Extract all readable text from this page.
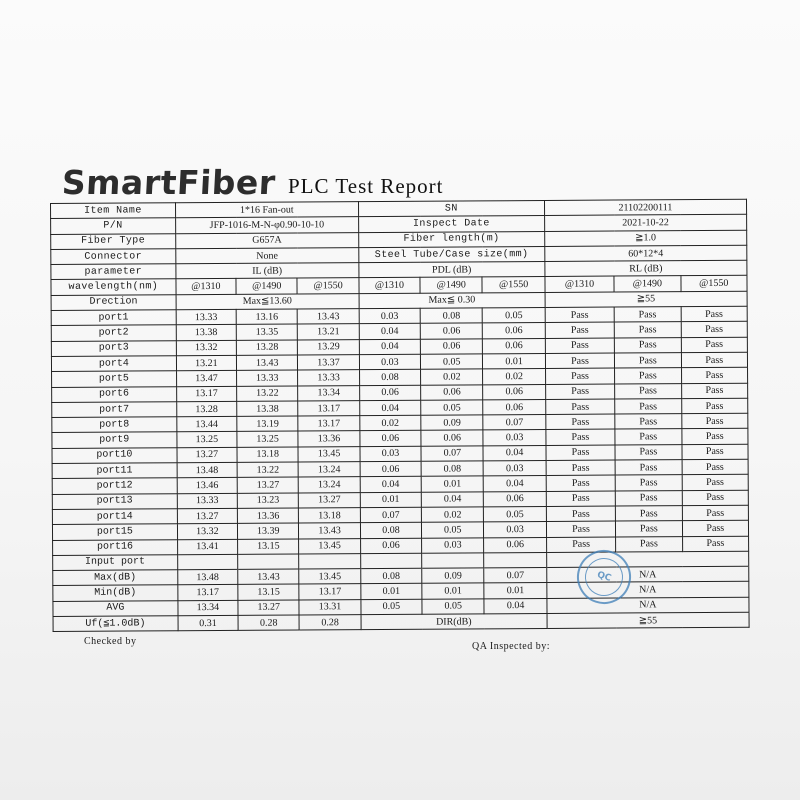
SmartFiber PLC Test Report
Item Name	1*16 Fan-out			SN			21102200111		
P/N	JFP-1016-M-N-φ0.90-10-10			Inspect Date			2021-10-22		
Fiber Type	G657A			Fiber length(m)			≧1.0		
Connector	None			Steel Tube/Case size(mm)			60*12*4		
parameter	IL (dB)			PDL (dB)			RL (dB)		
wavelength(nm)	@1310	@1490	@1550	@1310	@1490	@1550	@1310	@1490	@1550
Drection	Max≦13.60			Max≦ 0.30			≧55		
port1	13.33	13.16	13.43	0.03	0.08	0.05	Pass	Pass	Pass
port2	13.38	13.35	13.21	0.04	0.06	0.06	Pass	Pass	Pass
port3	13.32	13.28	13.29	0.04	0.06	0.06	Pass	Pass	Pass
port4	13.21	13.43	13.37	0.03	0.05	0.01	Pass	Pass	Pass
port5	13.47	13.33	13.33	0.08	0.02	0.02	Pass	Pass	Pass
port6	13.17	13.22	13.34	0.06	0.06	0.06	Pass	Pass	Pass
port7	13.28	13.38	13.17	0.04	0.05	0.06	Pass	Pass	Pass
port8	13.44	13.19	13.17	0.02	0.09	0.07	Pass	Pass	Pass
port9	13.25	13.25	13.36	0.06	0.06	0.03	Pass	Pass	Pass
port10	13.27	13.18	13.45	0.03	0.07	0.04	Pass	Pass	Pass
port11	13.48	13.22	13.24	0.06	0.08	0.03	Pass	Pass	Pass
port12	13.46	13.27	13.24	0.04	0.01	0.04	Pass	Pass	Pass
port13	13.33	13.23	13.27	0.01	0.04	0.06	Pass	Pass	Pass
port14	13.27	13.36	13.18	0.07	0.02	0.05	Pass	Pass	Pass
port15	13.32	13.39	13.43	0.08	0.05	0.03	Pass	Pass	Pass
port16	13.41	13.15	13.45	0.06	0.03	0.06	Pass	Pass	Pass
Input port									
Max(dB)	13.48	13.43	13.45	0.08	0.09	0.07	N/A		
Min(dB)	13.17	13.15	13.17	0.01	0.01	0.01	N/A		
AVG	13.34	13.27	13.31	0.05	0.05	0.04	N/A		
Uf(≦1.0dB)	0.31	0.28	0.28	DIR(dB)			≧55		
Checked by	QA Inspected by:
QC
